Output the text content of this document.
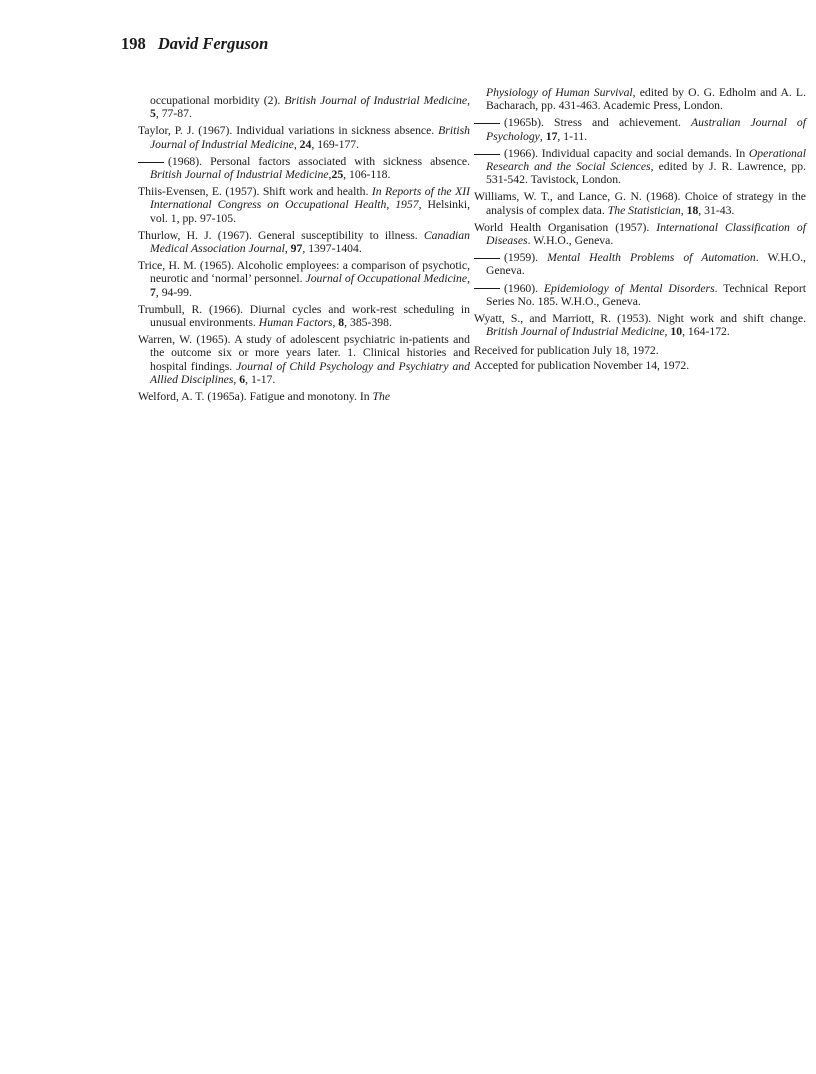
198 David Ferguson

occupational morbidity (2). British Journal of Industrial Medicine, 5, 77-87.

Taylor, P. J. (1967). Individual variations in sickness absence. British Journal of Industrial Medicine, 24, 169-177.

(1968). Personal factors associated with sickness absence. British Journal of Industrial Medicine,25, 106-118.

Thiis-Evensen, E. (1957). Shift work and health. In Reports of the XII International Congress on Occupational Health, 1957, Helsinki, vol. 1, pp. 97-105.

Thurlow, H. J. (1967). General susceptibility to illness. Canadian Medical Association Journal, 97, 1397-1404.

Trice, H. M. (1965). Alcoholic employees: a comparison of psychotic, neurotic and ‘normal’ personnel. Journal of Occupational Medicine, 7, 94-99.

Trumbull, R. (1966). Diurnal cycles and work-rest scheduling in unusual environments. Human Factors, 8, 385-398.

Warren, W. (1965). A study of adolescent psychiatric in-patients and the outcome six or more years later. 1. Clinical histories and hospital findings. Journal of Child Psychology and Psychiatry and Allied Disciplines, 6, 1-17.

Welford, A. T. (1965a). Fatigue and monotony. In The

Physiology of Human Survival, edited by O. G. Edholm and A. L. Bacharach, pp. 431-463. Academic Press, London.

(1965b). Stress and achievement. Australian Journal of Psychology, 17, 1-11.

(1966). Individual capacity and social demands. In Operational Research and the Social Sciences, edited by J. R. Lawrence, pp. 531-542. Tavistock, London.

Williams, W. T., and Lance, G. N. (1968). Choice of strategy in the analysis of complex data. The Statistician, 18, 31-43.

World Health Organisation (1957). International Classification of Diseases. W.H.O., Geneva.

(1959). Mental Health Problems of Automation. W.H.O., Geneva.

(1960). Epidemiology of Mental Disorders. Technical Report Series No. 185. W.H.O., Geneva.

Wyatt, S., and Marriott, R. (1953). Night work and shift change. British Journal of Industrial Medicine, 10, 164-172.

Received for publication July 18, 1972.

Accepted for publication November 14, 1972.
